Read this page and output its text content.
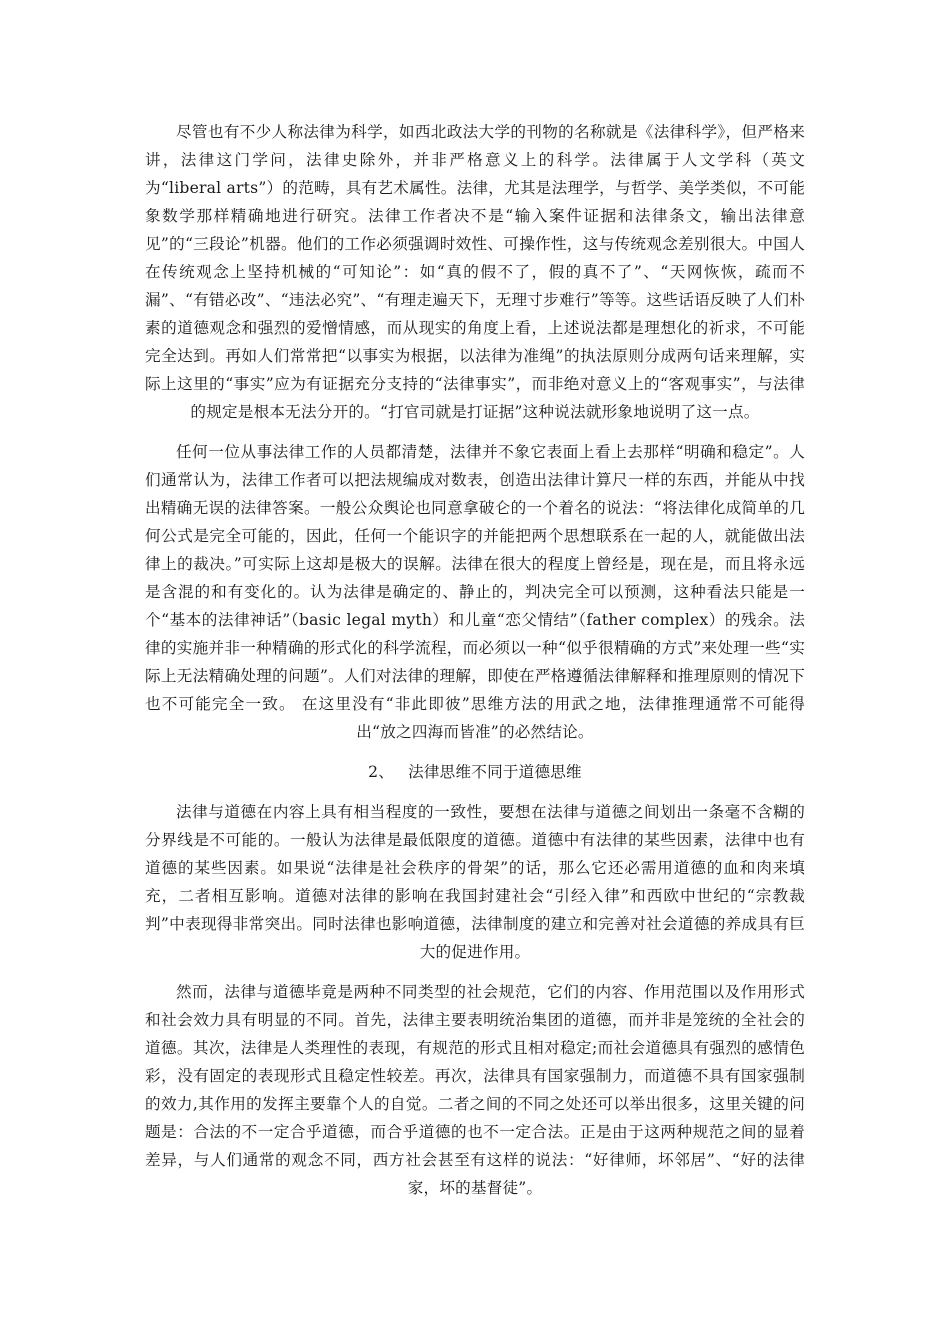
尽管也有不少人称法律为科学，如西北政法大学的刊物的名称就是《法律科学》，但严格来讲，法律这门学问，法律史除外，并非严格意义上的科学。法律属于人文学科（英文为“liberal arts”）的范畴，具有艺术属性。法律，尤其是法理学，与哲学、美学类似，不可能象数学那样精确地进行研究。法律工作者决不是“输入案件证据和法律条文，输出法律意见”的“三段论”机器。他们的工作必须强调时效性、可操作性，这与传统观念差别很大。中国人在传统观念上坚持机械的“可知论”：如“真的假不了，假的真不了”、“天网恢恢，疏而不漏”、“有错必改”、“违法必究”、“有理走遍天下，无理寸步难行”等等。这些话语反映了人们朴素的道德观念和强烈的爱憎情感，而从现实的角度上看，上述说法都是理想化的祈求，不可能完全达到。再如人们常常把“以事实为根据，以法律为准绳”的执法原则分成两句话来理解，实际上这里的“事实”应为有证据充分支持的“法律事实”，而非绝对意义上的“客观事实”，与法律的规定是根本无法分开的。“打官司就是打证据”这种说法就形象地说明了这一点。

任何一位从事法律工作的人员都清楚，法律并不象它表面上看上去那样“明确和稳定”。人们通常认为，法律工作者可以把法规编成对数表，创造出法律计算尺一样的东西，并能从中找出精确无误的法律答案。一般公众舆论也同意拿破仑的一个着名的说法：“将法律化成简单的几何公式是完全可能的，因此，任何一个能识字的并能把两个思想联系在一起的人，就能做出法律上的裁决。”可实际上这却是极大的误解。法律在很大的程度上曾经是，现在是，而且将永远是含混的和有变化的。认为法律是确定的、静止的，判决完全可以预测，这种看法只能是一个“基本的法律神话”（basic legal myth）和儿童“恋父情结”（father complex）的残余。法律的实施并非一种精确的形式化的科学流程，而必须以一种“似乎很精确的方式”来处理一些“实际上无法精确处理的问题”。人们对法律的理解，即使在严格遵循法律解释和推理原则的情况下也不可能完全一致。 在这里没有“非此即彼”思维方法的用武之地，法律推理通常不可能得出“放之四海而皆准”的必然结论。

2、 法律思维不同于道德思维

法律与道德在内容上具有相当程度的一致性，要想在法律与道德之间划出一条毫不含糊的分界线是不可能的。一般认为法律是最低限度的道德。道德中有法律的某些因素，法律中也有道德的某些因素。如果说“法律是社会秩序的骨架”的话，那么它还必需用道德的血和肉来填充，二者相互影响。道德对法律的影响在我国封建社会“引经入律”和西欧中世纪的“宗教裁判”中表现得非常突出。同时法律也影响道德，法律制度的建立和完善对社会道德的养成具有巨大的促进作用。

然而，法律与道德毕竟是两种不同类型的社会规范，它们的内容、作用范围以及作用形式和社会效力具有明显的不同。首先，法律主要表明统治集团的道德，而并非是笼统的全社会的道德。其次，法律是人类理性的表现，有规范的形式且相对稳定;而社会道德具有强烈的感情色彩，没有固定的表现形式且稳定性较差。再次，法律具有国家强制力，而道德不具有国家强制的效力,其作用的发挥主要靠个人的自觉。二者之间的不同之处还可以举出很多，这里关键的问题是：合法的不一定合乎道德，而合乎道德的也不一定合法。正是由于这两种规范之间的显着差异，与人们通常的观念不同，西方社会甚至有这样的说法：“好律师，坏邻居”、“好的法律家，坏的基督徒”。
